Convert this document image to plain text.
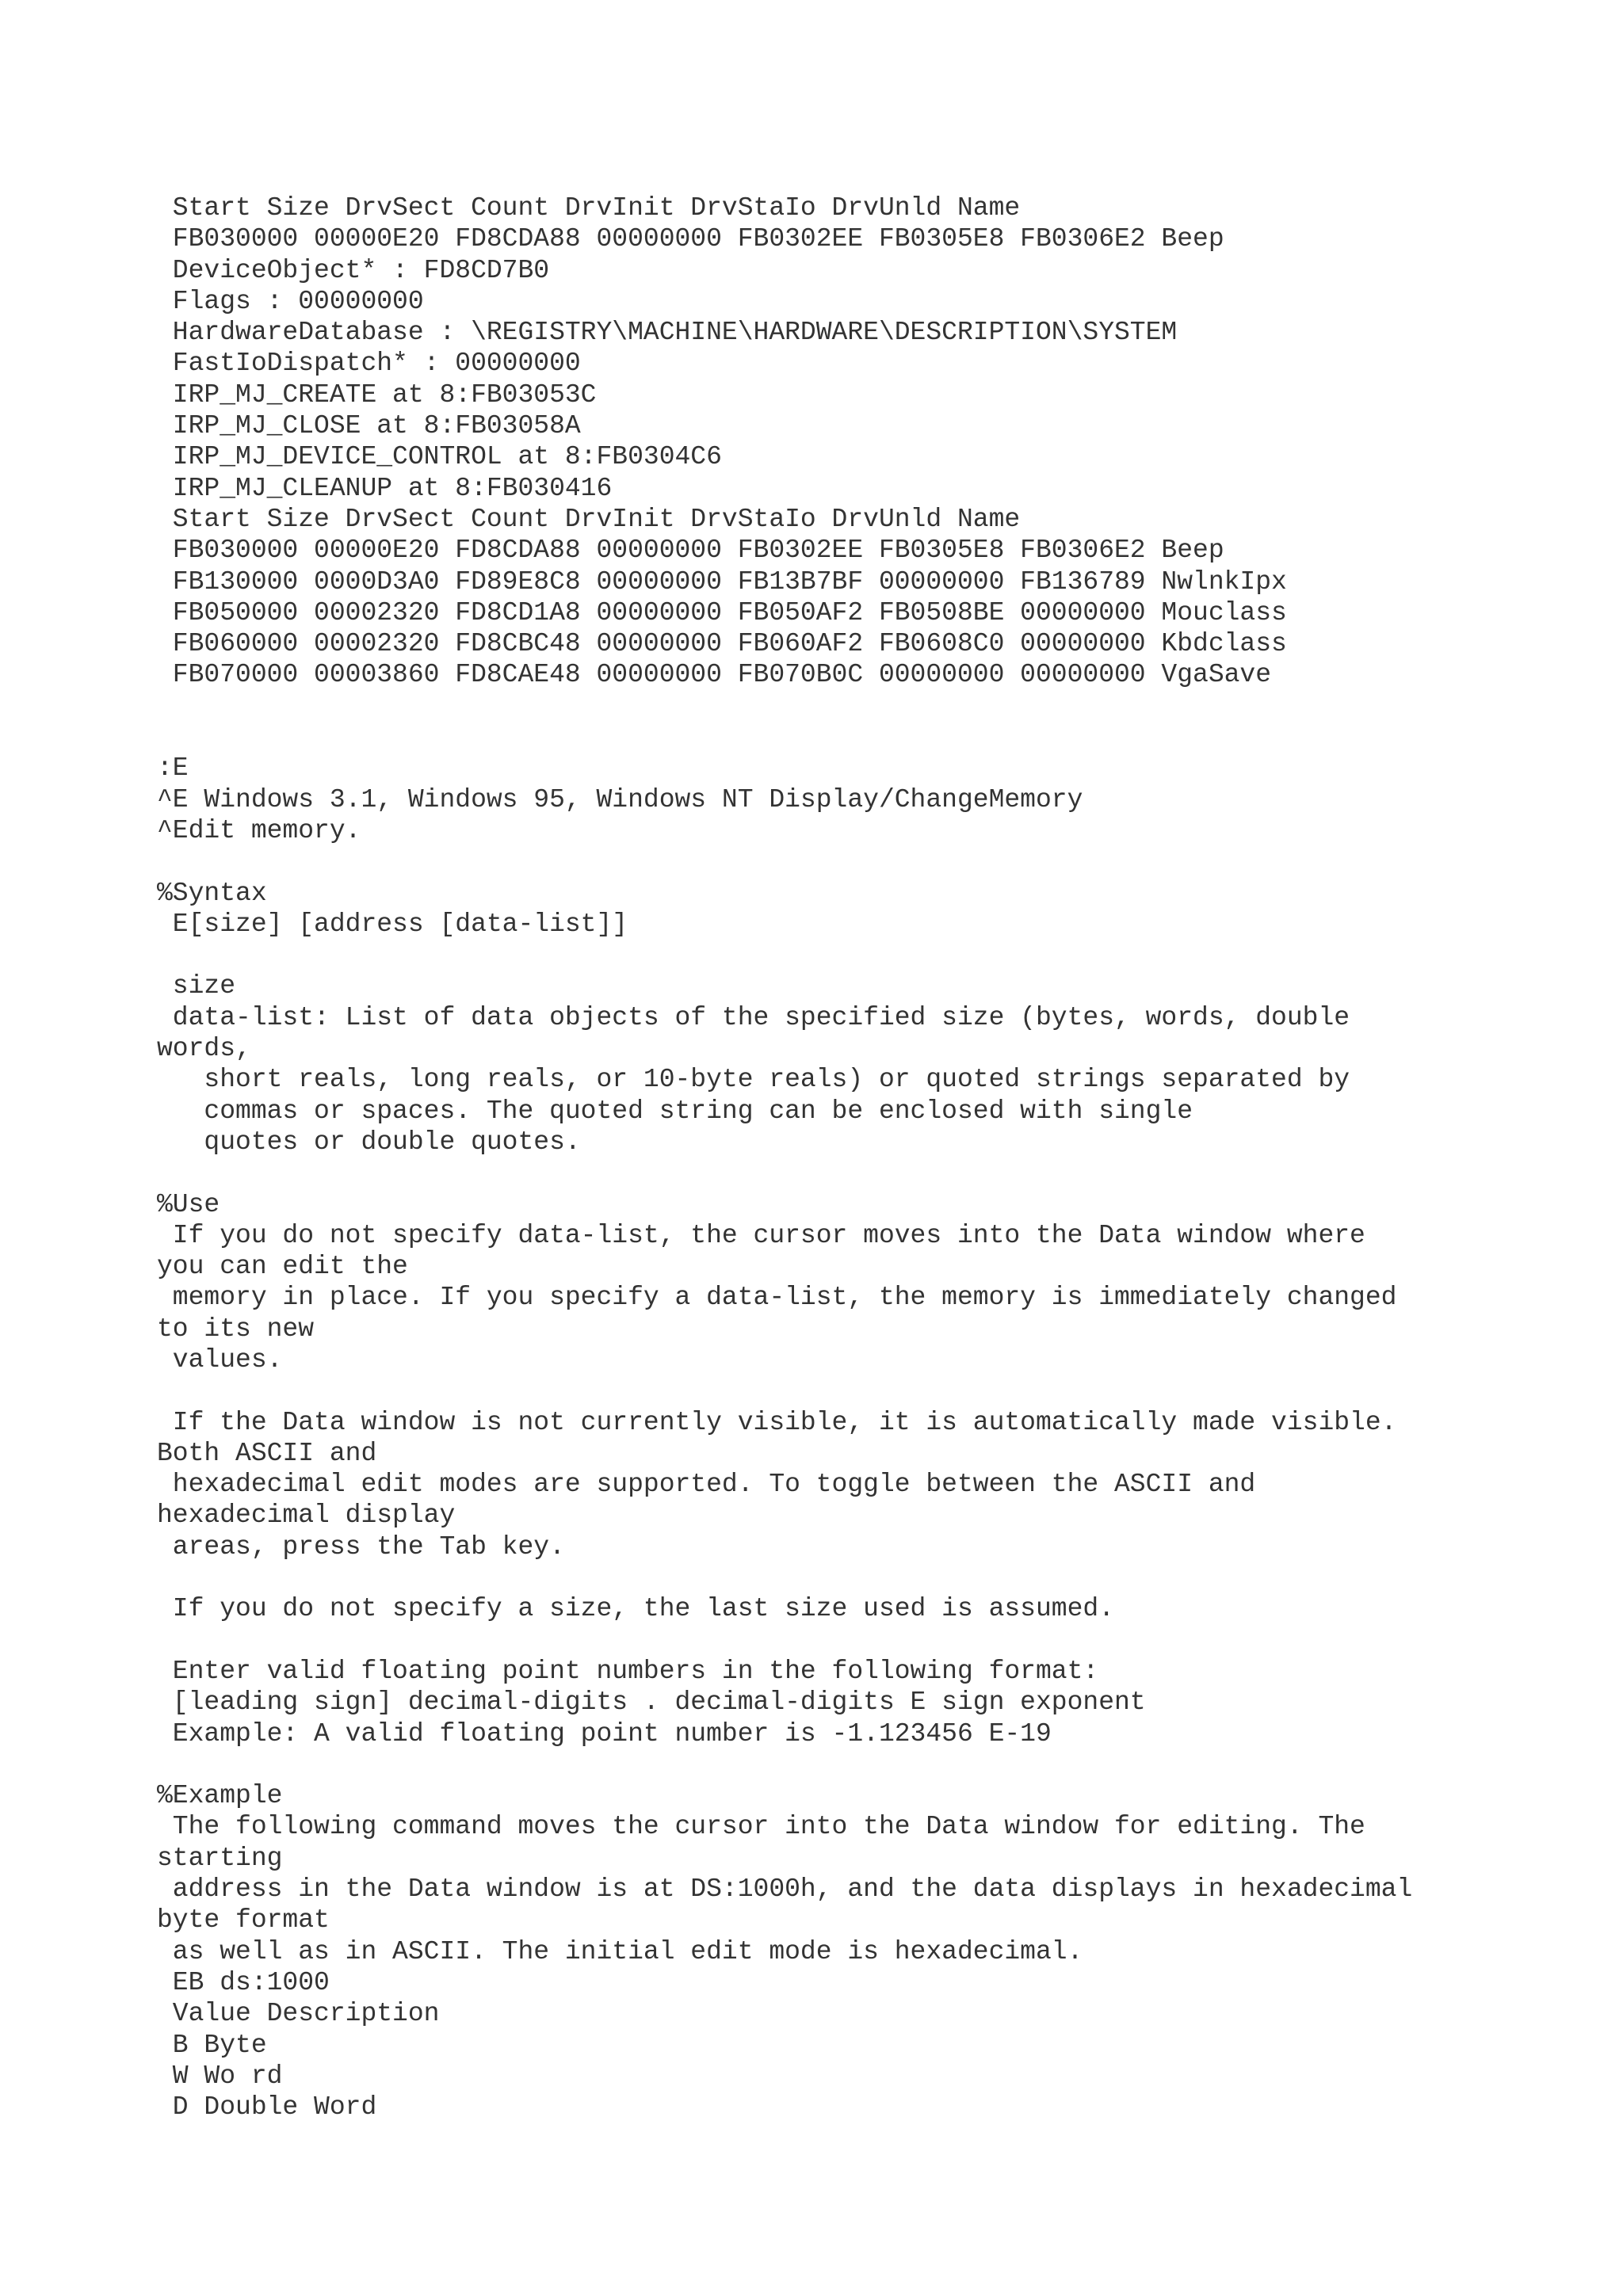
Start Size DrvSect Count DrvInit DrvStaIo DrvUnld Name
FB030000 00000E20 FD8CDA88 00000000 FB0302EE FB0305E8 FB0306E2 Beep
DeviceObject* : FD8CD7B0
Flags : 00000000
HardwareDatabase : \REGISTRY\MACHINE\HARDWARE\DESCRIPTION\SYSTEM
FastIoDispatch* : 00000000
IRP_MJ_CREATE at 8:FB03053C
IRP_MJ_CLOSE at 8:FB03058A
IRP_MJ_DEVICE_CONTROL at 8:FB0304C6
IRP_MJ_CLEANUP at 8:FB030416
Start Size DrvSect Count DrvInit DrvStaIo DrvUnld Name
FB030000 00000E20 FD8CDA88 00000000 FB0302EE FB0305E8 FB0306E2 Beep
FB130000 0000D3A0 FD89E8C8 00000000 FB13B7BF 00000000 FB136789 NwlnkIpx
FB050000 00002320 FD8CD1A8 00000000 FB050AF2 FB0508BE 00000000 Mouclass
FB060000 00002320 FD8CBC48 00000000 FB060AF2 FB0608C0 00000000 Kbdclass
FB070000 00003860 FD8CAE48 00000000 FB070B0C 00000000 00000000 VgaSave
:E
^E Windows 3.1, Windows 95, Windows NT Display/ChangeMemory
^Edit memory.
%Syntax
E[size] [address [data-list]]
size
data-list: List of data objects of the specified size (bytes, words, double
words,
short reals, long reals, or 10-byte reals) or quoted strings separated by
commas or spaces. The quoted string can be enclosed with single
quotes or double quotes.
%Use
If you do not specify data-list, the cursor moves into the Data window where
you can edit the
memory in place. If you specify a data-list, the memory is immediately changed
to its new
values.
If the Data window is not currently visible, it is automatically made visible.
Both ASCII and
hexadecimal edit modes are supported. To toggle between the ASCII and
hexadecimal display
areas, press the Tab key.
If you do not specify a size, the last size used is assumed.
Enter valid floating point numbers in the following format:
[leading sign] decimal-digits . decimal-digits E sign exponent
Example: A valid floating point number is -1.123456 E-19
%Example
The following command moves the cursor into the Data window for editing. The
starting
address in the Data window is at DS:1000h, and the data displays in hexadecimal
byte format
as well as in ASCII. The initial edit mode is hexadecimal.
EB ds:1000
Value Description
B Byte
W Wo rd
D Double Word
